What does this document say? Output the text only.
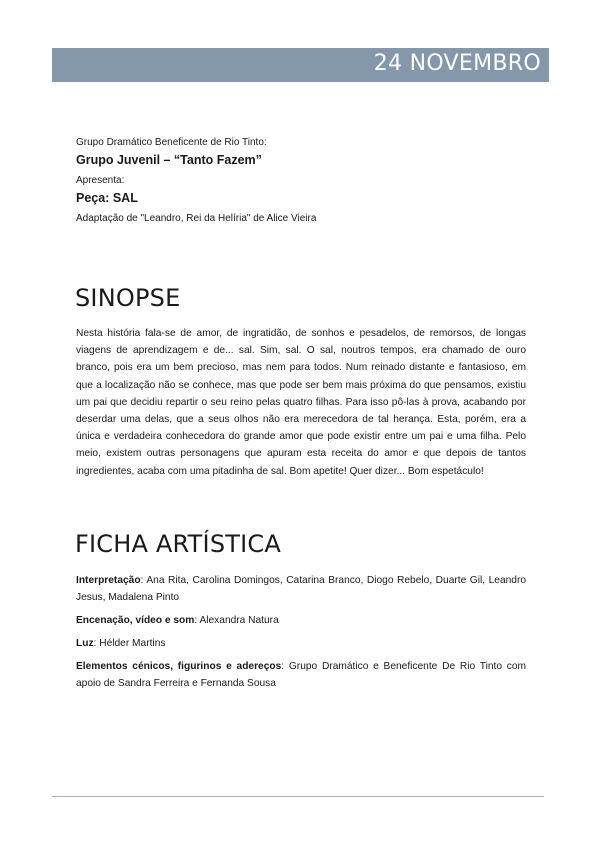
24 NOVEMBRO

Grupo Dramático Beneficente de Rio Tinto:

Grupo Juvenil – “Tanto Fazem”

Apresenta:

Peça: SAL

Adaptação de "Leandro, Rei da Helíria" de Alice Vieira

SINOPSE

Nesta história fala-se de amor, de ingratidão, de sonhos e pesadelos, de remorsos, de longas viagens de aprendizagem e de... sal. Sim, sal. O sal, noutros tempos, era chamado de ouro branco, pois era um bem precioso, mas nem para todos. Num reinado distante e fantasioso, em que a localização não se conhece, mas que pode ser bem mais próxima do que pensamos, existiu um pai que decidiu repartir o seu reino pelas quatro filhas. Para isso pô-las à prova, acabando por deserdar uma delas, que a seus olhos não era merecedora de tal herança. Esta, porém, era a única e verdadeira conhecedora do grande amor que pode existir entre um pai e uma filha. Pelo meio, existem outras personagens que apuram esta receita do amor e que depois de tantos ingredientes, acaba com uma pitadinha de sal. Bom apetite! Quer dizer... Bom espetáculo!

FICHA ARTÍSTICA

Interpretação: Ana Rita, Carolina Domingos, Catarina Branco, Diogo Rebelo, Duarte Gil, Leandro Jesus, Madalena Pinto

Encenação, vídeo e som: Alexandra Natura

Luz: Hélder Martins

Elementos cénicos, figurinos e adereços: Grupo Dramático e Beneficente De Rio Tinto com apoio de Sandra Ferreira e Fernanda Sousa
